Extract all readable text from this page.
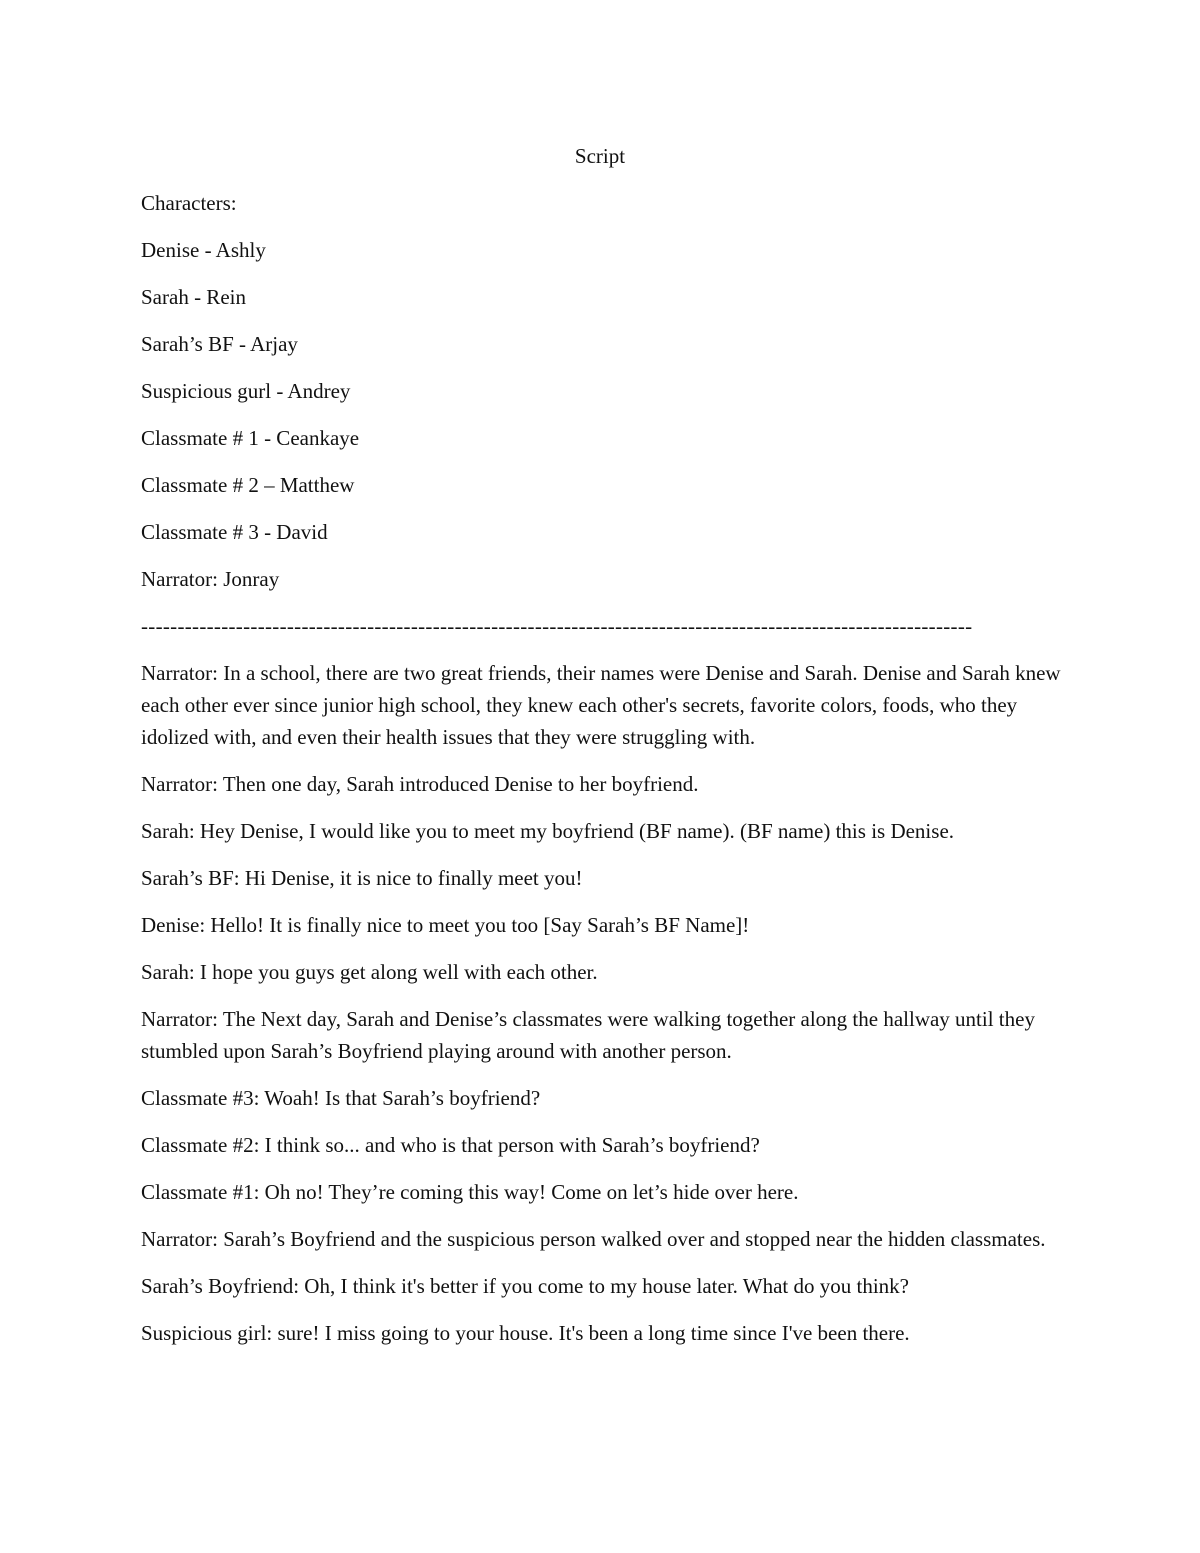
Script
Characters:
Denise - Ashly
Sarah - Rein
Sarah’s BF - Arjay
Suspicious gurl - Andrey
Classmate # 1 - Ceankaye
Classmate # 2 – Matthew
Classmate # 3 - David
Narrator: Jonray
------------------------------------------------------------------------------------------------------------------
Narrator: In a school, there are two great friends, their names were Denise and Sarah. Denise and Sarah knew each other ever since junior high school, they knew each other's secrets, favorite colors, foods, who they idolized with, and even their health issues that they were struggling with.
Narrator: Then one day, Sarah introduced Denise to her boyfriend.
Sarah: Hey Denise, I would like you to meet my boyfriend (BF name). (BF name) this is Denise.
Sarah’s BF: Hi Denise, it is nice to finally meet you!
Denise: Hello! It is finally nice to meet you too [Say Sarah’s BF Name]!
Sarah: I hope you guys get along well with each other.
Narrator: The Next day, Sarah and Denise’s classmates were walking together along the hallway until they stumbled upon Sarah’s Boyfriend playing around with another person.
Classmate #3: Woah! Is that Sarah’s boyfriend?
Classmate #2: I think so... and who is that person with Sarah’s boyfriend?
Classmate #1: Oh no! They’re coming this way! Come on let’s hide over here.
Narrator: Sarah’s Boyfriend and the suspicious person walked over and stopped near the hidden classmates.
Sarah’s Boyfriend: Oh, I think it's better if you come to my house later. What do you think?
Suspicious girl: sure! I miss going to your house. It's been a long time since I've been there.
